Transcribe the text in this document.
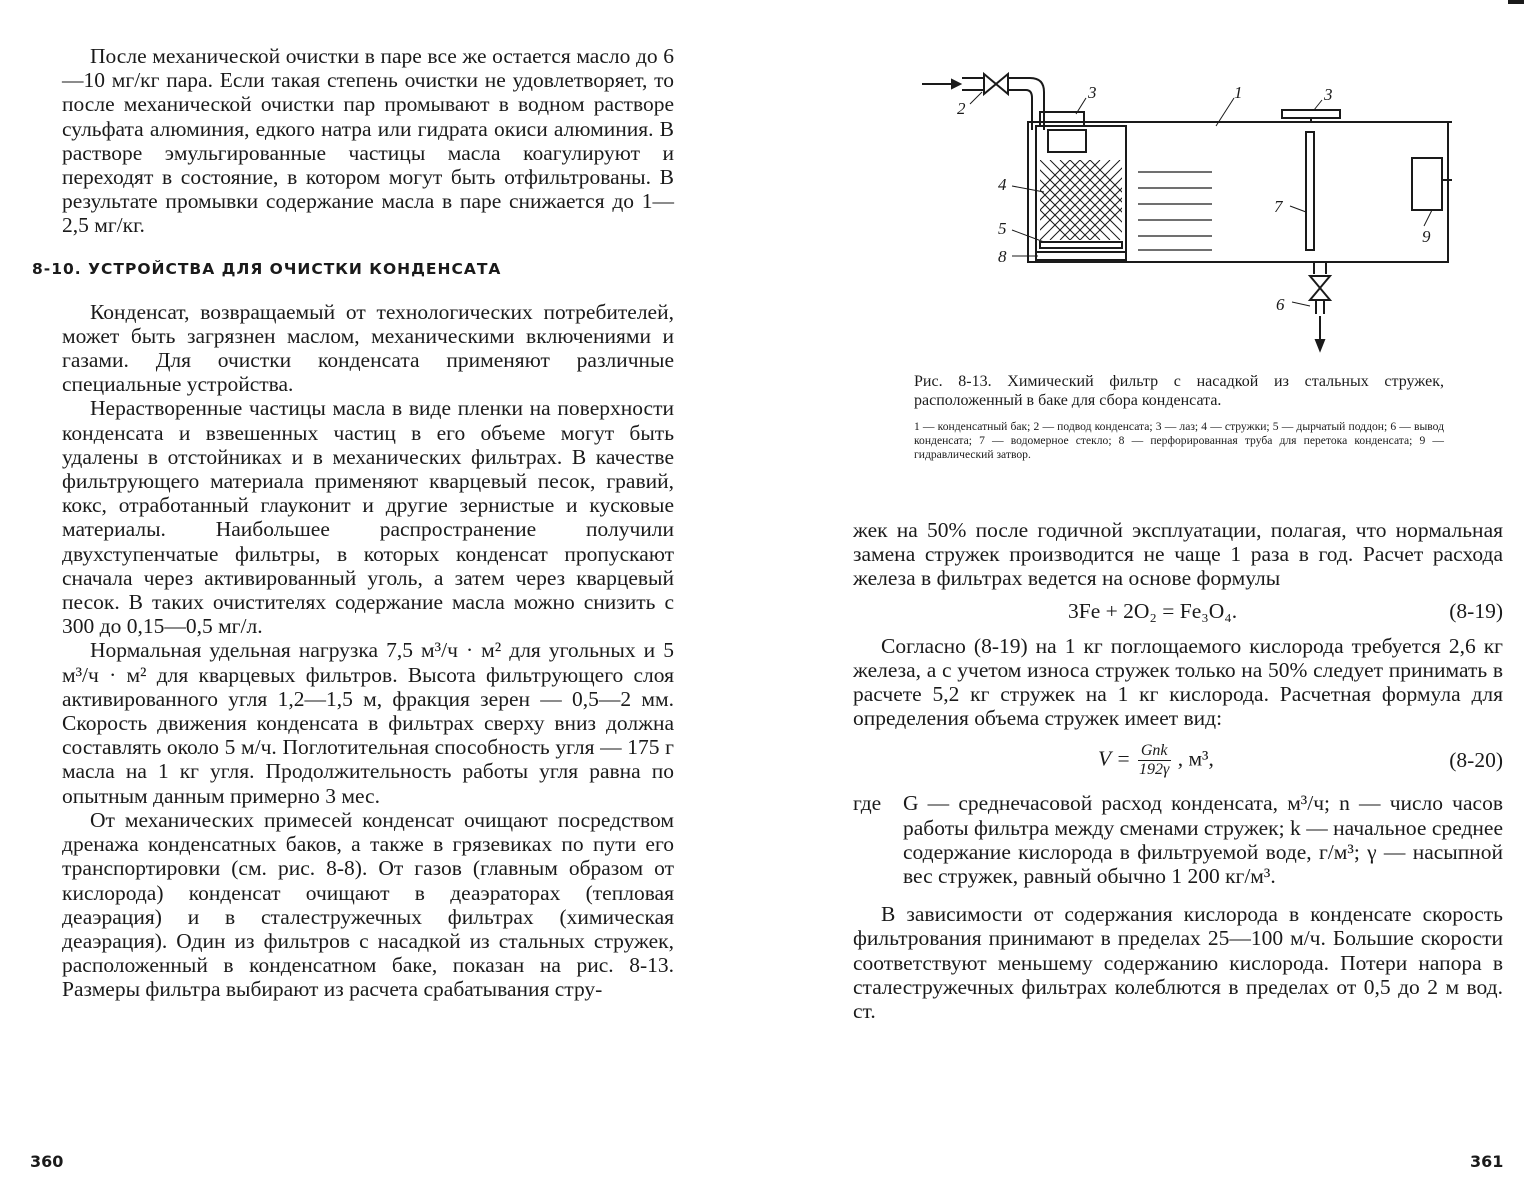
После механической очистки в паре все же остается масло до 6—10 мг/кг пара. Если такая степень очистки не удовлетворяет, то после механической очистки пар промывают в водном растворе сульфата алюминия, едкого натра или гидрата окиси алюминия. В растворе эмульгированные частицы масла коагулируют и переходят в состояние, в котором могут быть отфильтрованы. В результате промывки содержание масла в паре снижается до 1—2,5 мг/кг.

8-10. УСТРОЙСТВА ДЛЯ ОЧИСТКИ КОНДЕНСАТА

Конденсат, возвращаемый от технологических потребителей, может быть загрязнен маслом, механическими включениями и газами. Для очистки конденсата применяют различные специальные устройства.

Нерастворенные частицы масла в виде пленки на поверхности конденсата и взвешенных частиц в его объеме могут быть удалены в отстойниках и в механических фильтрах. В качестве фильтрующего материала применяют кварцевый песок, гравий, кокс, отработанный глауконит и другие зернистые и кусковые материалы. Наибольшее распространение получили двухступенчатые фильтры, в которых конденсат пропускают сначала через активированный уголь, а затем через кварцевый песок. В таких очистителях содержание масла можно снизить с 300 до 0,15—0,5 мг/л.

Нормальная удельная нагрузка 7,5 м³/ч · м² для угольных и 5 м³/ч · м² для кварцевых фильтров. Высота фильтрующего слоя активированного угля 1,2—1,5 м, фракция зерен — 0,5—2 мм. Скорость движения конденсата в фильтрах сверху вниз должна составлять около 5 м/ч. Поглотительная способность угля — 175 г масла на 1 кг угля. Продолжительность работы угля равна по опытным данным примерно 3 мес.

От механических примесей конденсат очищают посредством дренажа конденсатных баков, а также в грязевиках по пути его транспортировки (см. рис. 8-8). От газов (главным образом от кислорода) конденсат очищают в деаэраторах (тепловая деаэрация) и в сталестружечных фильтрах (химическая деаэрация). Один из фильтров с насадкой из стальных стружек, расположенный в конденсатном баке, показан на рис. 8-13. Размеры фильтра выбирают из расчета срабатывания стру-

360
2
3	1	3
4
5
8
7
9
6

Рис. 8-13. Химический фильтр с насадкой из стальных стружек, расположенный в баке для сбора конденсата.

1 — конденсатный бак; 2 — подвод конденсата; 3 — лаз; 4 — стружки; 5 — дырчатый поддон; 6 — вывод конденсата; 7 — водомерное стекло; 8 — перфорированная труба для перетока конденсата; 9 — гидравлический затвор.

жек на 50% после годичной эксплуатации, полагая, что нормальная замена стружек производится не чаще 1 раза в год. Расчет расхода железа в фильтрах ведется на основе формулы

3Fe + 2O₂ = Fe₃O₄.	(8-19)

Согласно (8-19) на 1 кг поглощаемого кислорода требуется 2,6 кг железа, а с учетом износа стружек только на 50% следует принимать в расчете 5,2 кг стружек на 1 кг кислорода. Расчетная формула для определения объема стружек имеет вид:

$V = \frac{\text{Gnk}}{192\gamma}$ , м³,	(8-20)

где G — среднечасовой расход конденсата, м³/ч; n — число часов работы фильтра между сменами стружек; k — начальное среднее содержание кислорода в фильтруемой воде, г/м³; γ — насыпной вес стружек, равный обычно 1 200 кг/м³.

В зависимости от содержания кислорода в конденсате скорость фильтрования принимают в пределах 25—100 м/ч. Большие скорости соответствуют меньшему содержанию кислорода. Потери напора в сталестружечных фильтрах колеблются в пределах от 0,5 до 2 м вод. ст.

361
